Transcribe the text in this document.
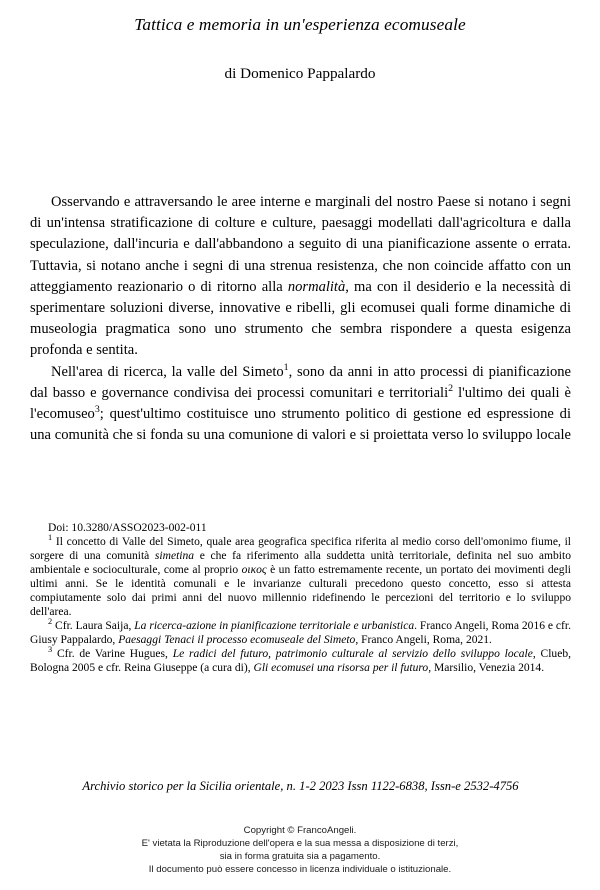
Tattica e memoria in un'esperienza ecomuseale
di Domenico Pappalardo

Osservando e attraversando le aree interne e marginali del nostro Paese si notano i segni di un'intensa stratificazione di colture e culture, paesaggi modellati dall'agricoltura e dalla speculazione, dall'incuria e dall'abbandono a seguito di una pianificazione assente o errata. Tuttavia, si notano anche i segni di una strenua resistenza, che non coincide affatto con un atteggiamento reazionario o di ritorno alla normalità, ma con il desiderio e la necessità di sperimentare soluzioni diverse, innovative e ribelli, gli ecomusei quali forme dinamiche di museologia pragmatica sono uno strumento che sembra rispondere a questa esigenza profonda e sentita.

Nell'area di ricerca, la valle del Simeto$^1$, sono da anni in atto processi di pianificazione dal basso e governance condivisa dei processi comunitari e territoriali$^2$ l'ultimo dei quali è l'ecomuseo$^3$; quest'ultimo costituisce uno strumento politico di gestione ed espressione di una comunità che si fonda su una comunione di valori e si proiettata verso lo sviluppo locale

Doi: 10.3280/ASSO2023-002-011

$^1$ Il concetto di Valle del Simeto, quale area geografica specifica riferita al medio corso dell'omonimo fiume, il sorgere di una comunità simetina e che fa riferimento alla suddetta unità territoriale, definita nel suo ambito ambientale e socioculturale, come al proprio οικος è un fatto estremamente recente, un portato dei movimenti degli ultimi anni. Se le identità comunali e le invarianze culturali precedono questo concetto, esso si attesta compiutamente solo dai primi anni del nuovo millennio ridefinendo le percezioni del territorio e lo sviluppo dell'area.

$^2$ Cfr. Laura Saija, La ricerca-azione in pianificazione territoriale e urbanistica. Franco Angeli, Roma 2016 e cfr. Giusy Pappalardo, Paesaggi Tenaci il processo ecomuseale del Simeto, Franco Angeli, Roma, 2021.

$^3$ Cfr. de Varine Hugues, Le radici del futuro, patrimonio culturale al servizio dello sviluppo locale, Clueb, Bologna 2005 e cfr. Reina Giuseppe (a cura di), Gli ecomusei una risorsa per il futuro, Marsilio, Venezia 2014.

Archivio storico per la Sicilia orientale, n. 1-2 2023 Issn 1122-6838, Issn-e 2532-4756
Copyright © FrancoAngeli.
E' vietata la Riproduzione dell'opera e la sua messa a disposizione di terzi,
sia in forma gratuita sia a pagamento.
Il documento può essere concesso in licenza individuale o istituzionale.
